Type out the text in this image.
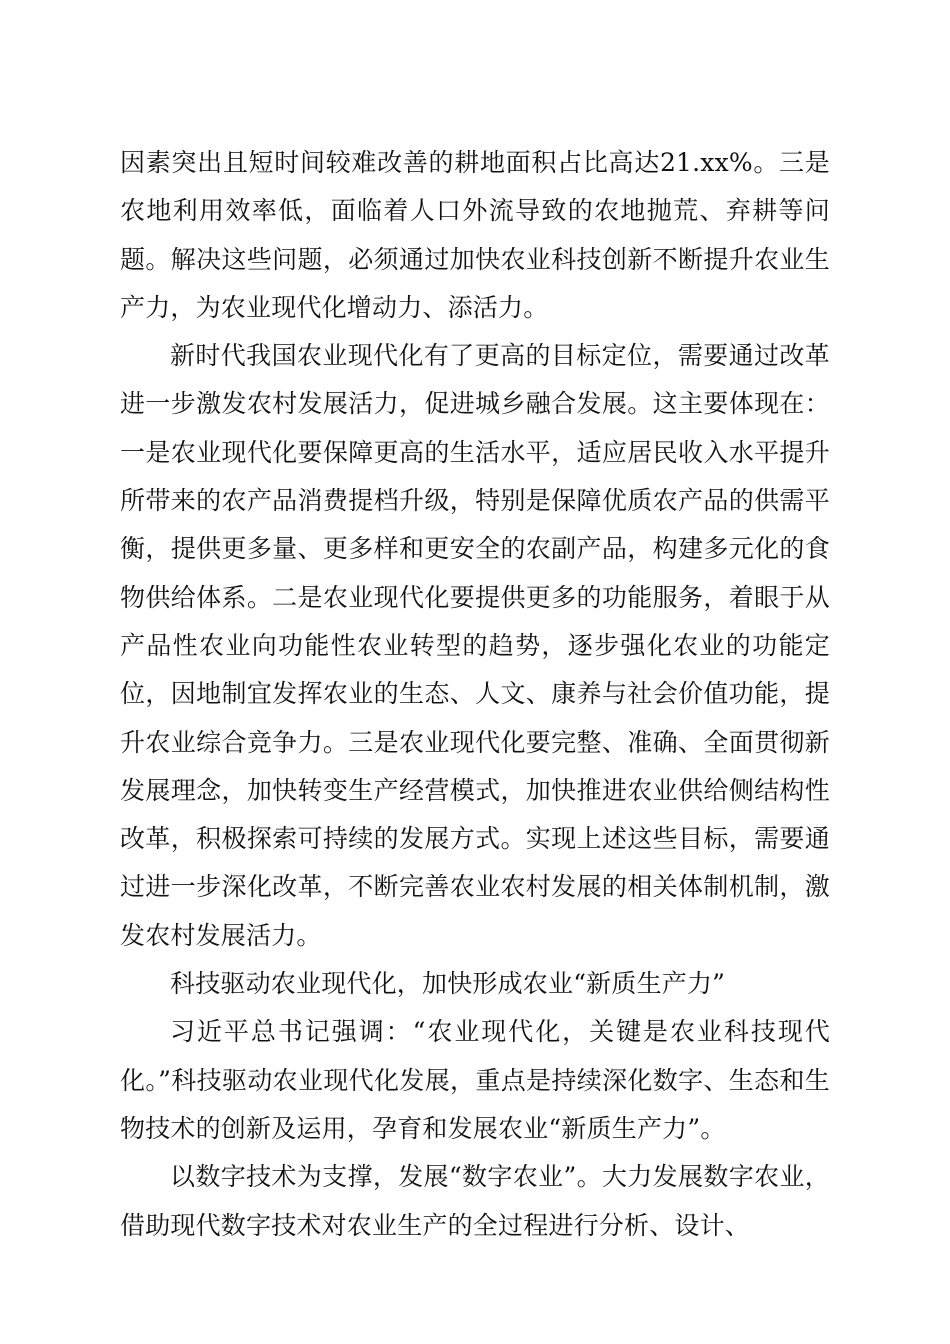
因素突出且短时间较难改善的耕地面积占比高达21.xx%。三是农地利用效率低，面临着人口外流导致的农地抛荒、弃耕等问题。解决这些问题，必须通过加快农业科技创新不断提升农业生产力，为农业现代化增动力、添活力。

新时代我国农业现代化有了更高的目标定位，需要通过改革进一步激发农村发展活力，促进城乡融合发展。这主要体现在：一是农业现代化要保障更高的生活水平，适应居民收入水平提升所带来的农产品消费提档升级，特别是保障优质农产品的供需平衡，提供更多量、更多样和更安全的农副产品，构建多元化的食物供给体系。二是农业现代化要提供更多的功能服务，着眼于从产品性农业向功能性农业转型的趋势，逐步强化农业的功能定位，因地制宜发挥农业的生态、人文、康养与社会价值功能，提升农业综合竞争力。三是农业现代化要完整、准确、全面贯彻新发展理念，加快转变生产经营模式，加快推进农业供给侧结构性改革，积极探索可持续的发展方式。实现上述这些目标，需要通过进一步深化改革，不断完善农业农村发展的相关体制机制，激发农村发展活力。

科技驱动农业现代化，加快形成农业“新质生产力”

习近平总书记强调：“农业现代化，关键是农业科技现代化。”科技驱动农业现代化发展，重点是持续深化数字、生态和生物技术的创新及运用，孕育和发展农业“新质生产力”。

以数字技术为支撑，发展“数字农业”。大力发展数字农业，借助现代数字技术对农业生产的全过程进行分析、设计、
